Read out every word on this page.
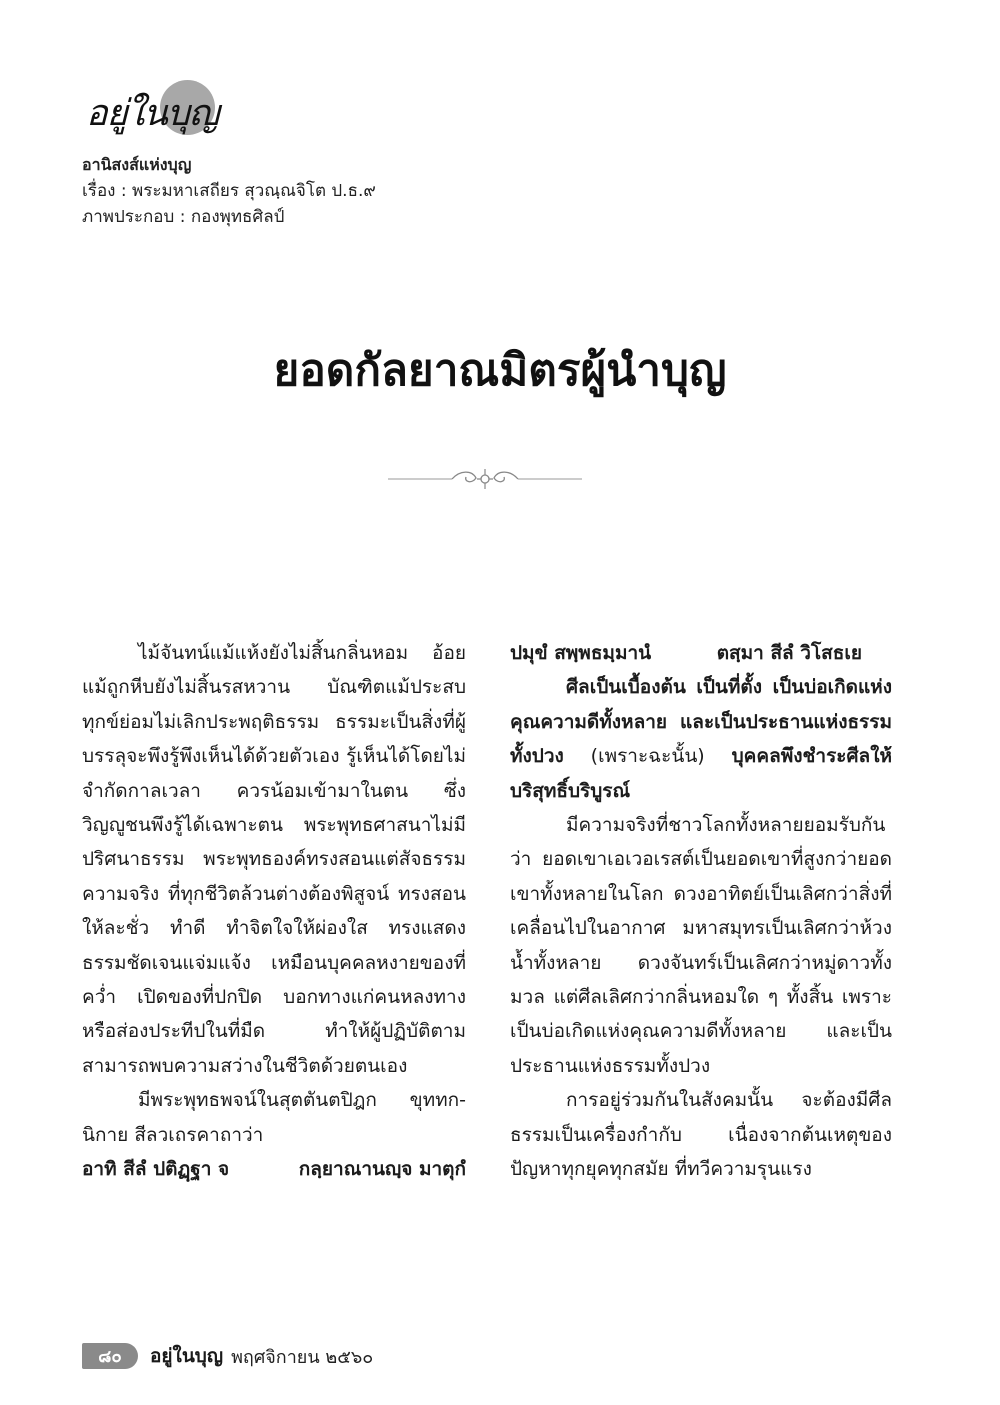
อยู่ในบุญ
อานิสงส์แห่งบุญ
เรื่อง : พระมหาเสถียร สุวณฺณจิโต ป.ธ.๙
ภาพประกอบ : กองพุทธศิลป์
ยอดกัลยาณมิตรผู้นำบุญ

ไม้จันทน์แม้แห้งยังไม่สิ้นกลิ่นหอม อ้อยแม้ถูกหีบยังไม่สิ้นรสหวาน บัณฑิตแม้ประสบทุกข์ย่อมไม่เลิกประพฤติธรรม ธรรมะเป็นสิ่งที่ผู้บรรลุจะพึงรู้พึงเห็นได้ด้วยตัวเอง รู้เห็นได้โดยไม่จำกัดกาลเวลา ควรน้อมเข้ามาในตน ซึ่งวิญญูชนพึงรู้ได้เฉพาะตน พระพุทธศาสนาไม่มีปริศนาธรรม พระพุทธองค์ทรงสอนแต่สัจธรรมความจริง ที่ทุกชีวิตล้วนต่างต้องพิสูจน์ ทรงสอนให้ละชั่ว ทำดี ทำจิตใจให้ผ่องใส ทรงแสดงธรรมชัดเจนแจ่มแจ้ง เหมือนบุคคลหงายของที่คว่ำ เปิดของที่ปกปิด บอกทางแก่คนหลงทาง หรือส่องประทีปในที่มืด ทำให้ผู้ปฏิบัติตามสามารถพบความสว่างในชีวิตด้วยตนเอง

มีพระพุทธพจน์ในสุตตันตปิฎก ขุททก-นิกาย สีลวเถรคาถาว่า

อาทิ สีลํ ปติฏฺฐา จ	กลฺยาณานญฺจ มาตุกํ
ปมุขํ สพฺพธมฺมานํ	ตสฺมา สีลํ วิโสธเย

ศีลเป็นเบื้องต้น เป็นที่ตั้ง เป็นบ่อเกิดแห่งคุณความดีทั้งหลาย และเป็นประธานแห่งธรรมทั้งปวง (เพราะฉะนั้น) บุคคลพึงชำระศีลให้บริสุทธิ์บริบูรณ์

มีความจริงที่ชาวโลกทั้งหลายยอมรับกันว่า ยอดเขาเอเวอเรสต์เป็นยอดเขาที่สูงกว่ายอดเขาทั้งหลายในโลก ดวงอาทิตย์เป็นเลิศกว่าสิ่งที่เคลื่อนไปในอากาศ มหาสมุทรเป็นเลิศกว่าห้วงน้ำทั้งหลาย ดวงจันทร์เป็นเลิศกว่าหมู่ดาวทั้งมวล แต่ศีลเลิศกว่ากลิ่นหอมใด ๆ ทั้งสิ้น เพราะเป็นบ่อเกิดแห่งคุณความดีทั้งหลาย และเป็นประธานแห่งธรรมทั้งปวง

การอยู่ร่วมกันในสังคมนั้น จะต้องมีศีลธรรมเป็นเครื่องกำกับ เนื่องจากต้นเหตุของปัญหาทุกยุคทุกสมัย ที่ทวีความรุนแรง

๘๐	อยู่ในบุญ พฤศจิกายน ๒๕๖๐
